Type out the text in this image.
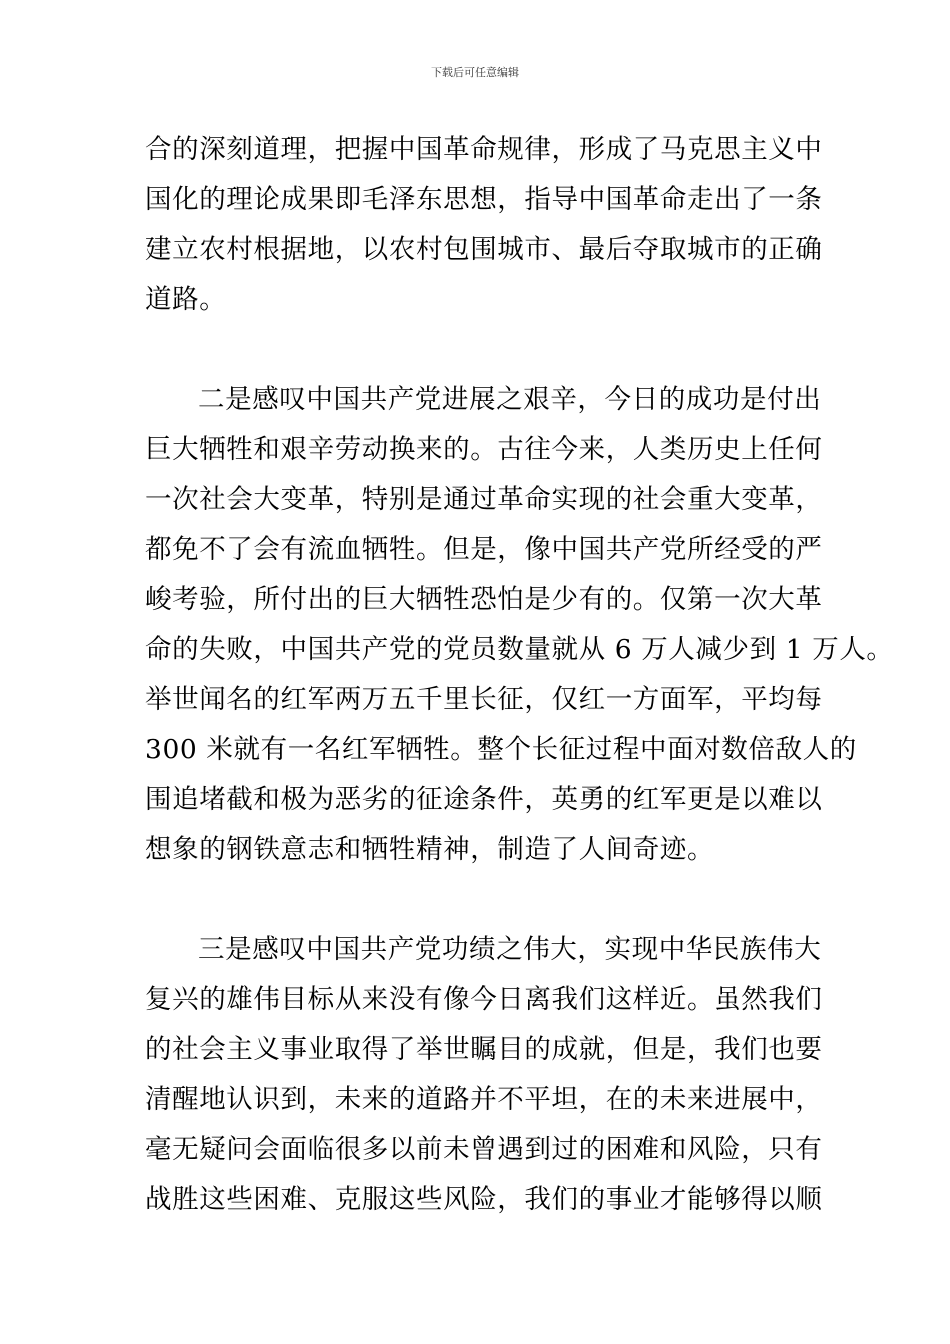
下载后可任意编辑
合的深刻道理，把握中国革命规律，形成了马克思主义中
国化的理论成果即毛泽东思想，指导中国革命走出了一条
建立农村根据地，以农村包围城市、最后夺取城市的正确
道路。
二是感叹中国共产党进展之艰辛，今日的成功是付出
巨大牺牲和艰辛劳动换来的。古往今来，人类历史上任何
一次社会大变革，特别是通过革命实现的社会重大变革，
都免不了会有流血牺牲。但是，像中国共产党所经受的严
峻考验，所付出的巨大牺牲恐怕是少有的。仅第一次大革
命的失败，中国共产党的党员数量就从 6 万人减少到 1 万人。
举世闻名的红军两万五千里长征，仅红一方面军，平均每
300 米就有一名红军牺牲。整个长征过程中面对数倍敌人的
围追堵截和极为恶劣的征途条件，英勇的红军更是以难以
想象的钢铁意志和牺牲精神，制造了人间奇迹。
三是感叹中国共产党功绩之伟大，实现中华民族伟大
复兴的雄伟目标从来没有像今日离我们这样近。虽然我们
的社会主义事业取得了举世瞩目的成就，但是，我们也要
清醒地认识到，未来的道路并不平坦，在的未来进展中，
毫无疑问会面临很多以前未曾遇到过的困难和风险，只有
战胜这些困难、克服这些风险，我们的事业才能够得以顺
